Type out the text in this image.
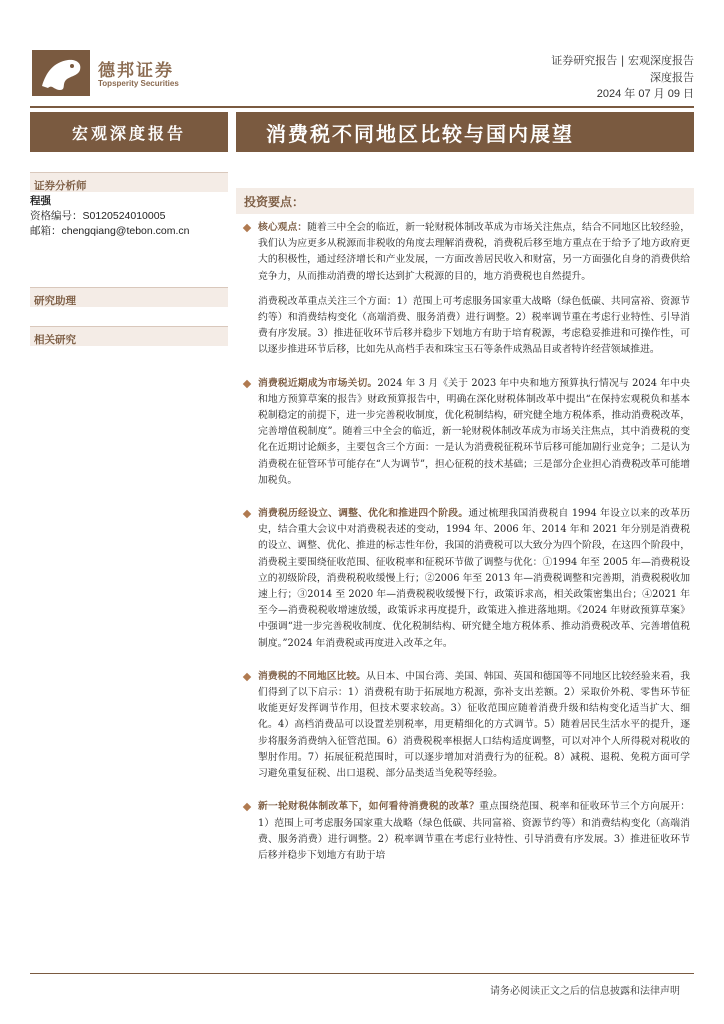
德邦证券
Topsperity Securities
证券研究报告 | 宏观深度报告
深度报告
2024 年 07 月 09 日
宏观深度报告	消费税不同地区比较与国内展望
证券分析师
程强
资格编号：S0120524010005
邮箱：chengqiang@tebon.com.cn
研究助理
相关研究
投资要点：
核心观点：随着三中全会的临近，新一轮财税体制改革成为市场关注焦点，结合不同地区比较经验，我们认为应更多从税源而非税收的角度去理解消费税，消费税后移至地方重点在于给予了地方政府更大的积极性，通过经济增长和产业发展，一方面改善居民收入和财富，另一方面强化自身的消费供给竞争力，从而推动消费的增长达到扩大税源的目的，地方消费税也自然提升。
消费税改革重点关注三个方面：1）范围上可考虑服务国家重大战略（绿色低碳、共同富裕、资源节约等）和消费结构变化（高端消费、服务消费）进行调整。2）税率调节重在考虑行业特性、引导消费有序发展。3）推进征收环节后移并稳步下划地方有助于培育税源，考虑稳妥推进和可操作性，可以逐步推进环节后移，比如先从高档手表和珠宝玉石等条件成熟品目或者特许经营领域推进。
消费税近期成为市场关切。2024 年 3 月《关于 2023 年中央和地方预算执行情况与 2024 年中央和地方预算草案的报告》财政预算报告中，明确在深化财税体制改革中提出“在保持宏观税负和基本税制稳定的前提下，进一步完善税收制度，优化税制结构，研究健全地方税体系，推动消费税改革，完善增值税制度”。随着三中全会的临近，新一轮财税体制改革成为市场关注焦点，其中消费税的变化在近期讨论颇多，主要包含三个方面：一是认为消费税征税环节后移可能加剧行业竞争；二是认为消费税在征管环节可能存在“人为调节”，担心征税的技术基础；三是部分企业担心消费税改革可能增加税负。
消费税历经设立、调整、优化和推进四个阶段。通过梳理我国消费税自 1994 年设立以来的改革历史，结合重大会议中对消费税表述的变动，1994 年、2006 年、2014 年和 2021 年分别是消费税的设立、调整、优化、推进的标志性年份，我国的消费税可以大致分为四个阶段，在这四个阶段中，消费税主要围绕征收范围、征收税率和征税环节做了调整与优化：①1994 年至 2005 年—消费税设立的初级阶段，消费税税收缓慢上行；②2006 年至 2013 年—消费税调整和完善期，消费税税收加速上行；③2014 至 2020 年—消费税税收缓慢下行，政策诉求高，相关政策密集出台；④2021 年至今—消费税税收增速放缓，政策诉求再度提升，政策进入推进落地期。《2024 年财政预算草案》中强调“进一步完善税收制度、优化税制结构、研究健全地方税体系、推动消费税改革、完善增值税制度。”2024 年消费税或再度进入改革之年。
消费税的不同地区比较。从日本、中国台湾、美国、韩国、英国和德国等不同地区比较经验来看，我们得到了以下启示：1）消费税有助于拓展地方税源，弥补支出差额。2）采取价外税、零售环节征收能更好发挥调节作用，但技术要求较高。3）征收范围应随着消费升级和结构变化适当扩大、细化。4）高档消费品可以设置差别税率，用更精细化的方式调节。5）随着居民生活水平的提升，逐步将服务消费纳入征管范围。6）消费税税率根据人口结构适度调整，可以对冲个人所得税对税收的掣肘作用。7）拓展征税范围时，可以逐步增加对消费行为的征税。8）减税、退税、免税方面可学习避免重复征税、出口退税、部分品类适当免税等经验。
新一轮财税体制改革下，如何看待消费税的改革？重点围绕范围、税率和征收环节三个方向展开：1）范围上可考虑服务国家重大战略（绿色低碳、共同富裕、资源节约等）和消费结构变化（高端消费、服务消费）进行调整。2）税率调节重在考虑行业特性、引导消费有序发展。3）推进征收环节后移并稳步下划地方有助于培
请务必阅读正文之后的信息披露和法律声明
